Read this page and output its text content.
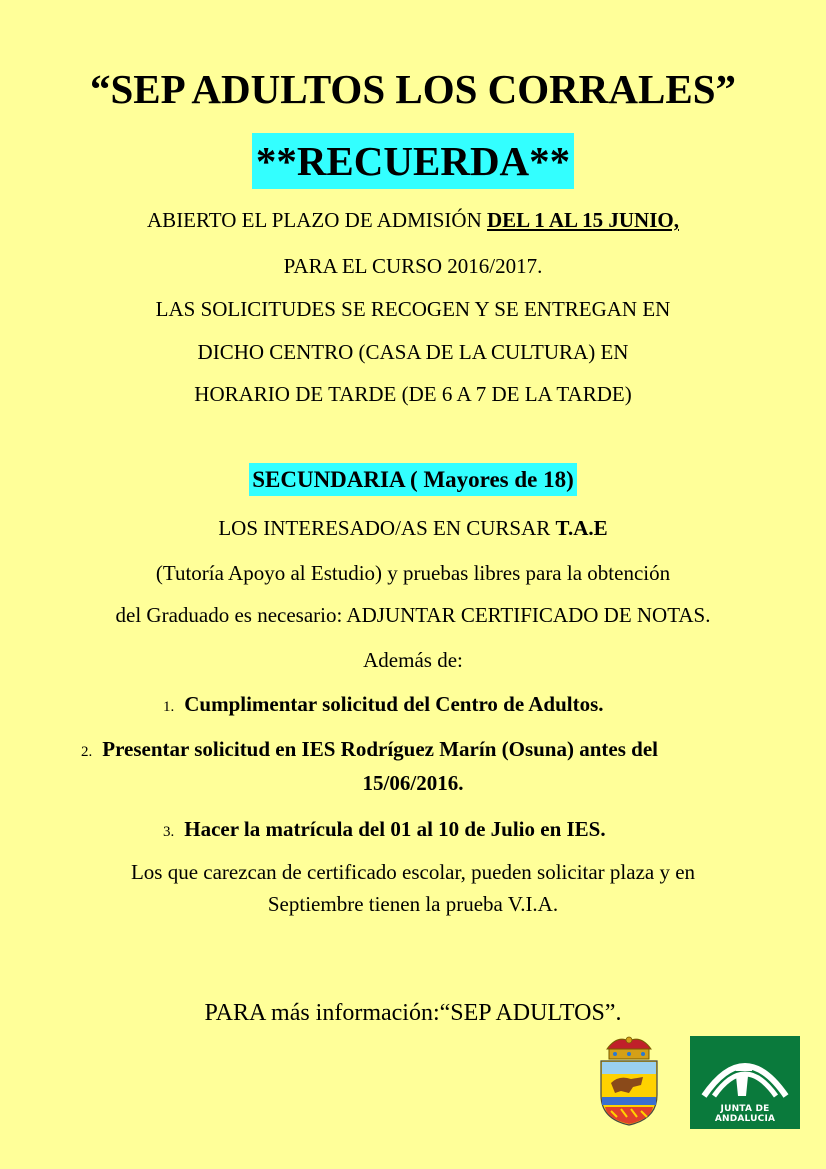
“SEP ADULTOS LOS CORRALES”
**RECUERDA**
ABIERTO EL PLAZO DE ADMISIÓN DEL 1 AL 15 JUNIO,
PARA EL CURSO 2016/2017.
LAS SOLICITUDES SE RECOGEN Y SE ENTREGAN EN
DICHO CENTRO (CASA DE LA CULTURA) EN
HORARIO DE TARDE (DE 6 A 7 DE LA TARDE)
SECUNDARIA ( Mayores de 18)
LOS INTERESADO/AS EN CURSAR T.A.E
(Tutoría Apoyo al Estudio) y pruebas libres para la obtención
del Graduado es necesario: ADJUNTAR CERTIFICADO DE NOTAS.
Además de:
1. Cumplimentar solicitud del Centro de Adultos.
2. Presentar solicitud en IES Rodríguez Marín (Osuna) antes del
15/06/2016.
3. Hacer la matrícula del 01 al 10 de Julio en IES.
Los que carezcan de certificado escolar, pueden solicitar plaza y en
Septiembre tienen la prueba V.I.A.
PARA más información:“SEP ADULTOS”.
JUNTA DE ANDALUCIA
